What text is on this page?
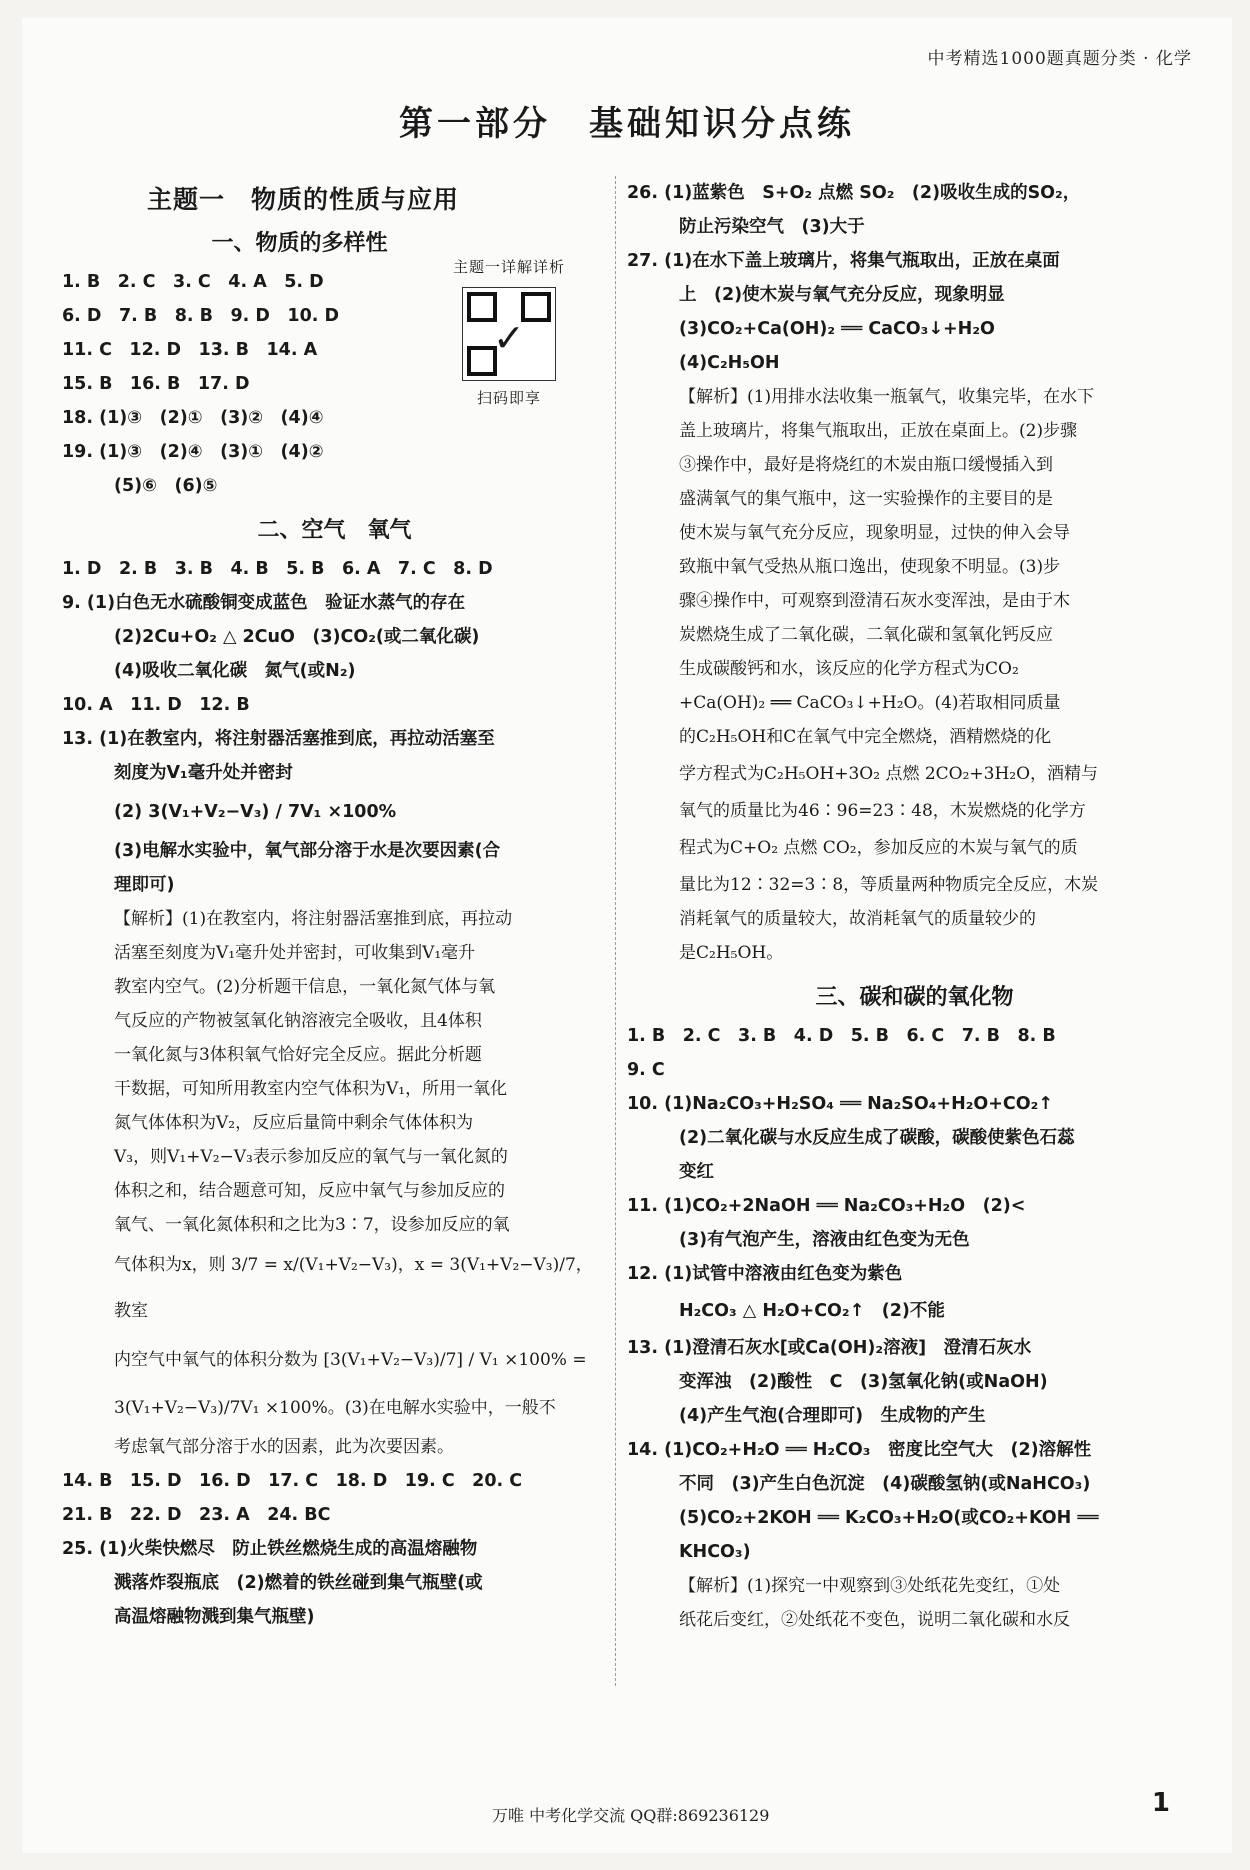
中考精选1000题真题分类 · 化学
第一部分　基础知识分点练
主题一　物质的性质与应用
一、物质的多样性
主题一详解详析
✓
扫码即享
1. B　2. C　3. C　4. A　5. D
6. D　7. B　8. B　9. D　10. D
11. C　12. D　13. B　14. A
15. B　16. B　17. D
18. (1)③　(2)①　(3)②　(4)④
19. (1)③　(2)④　(3)①　(4)②
(5)⑥　(6)⑤
二、空气　氧气
1. D　2. B　3. B　4. B　5. B　6. A　7. C　8. D
9. (1)白色无水硫酸铜变成蓝色　验证水蒸气的存在
(2)2Cu+O₂ △ 2CuO　(3)CO₂(或二氧化碳)
(4)吸收二氧化碳　氮气(或N₂)
10. A　11. D　12. B
13. (1)在教室内，将注射器活塞推到底，再拉动活塞至
刻度为V₁毫升处并密封
(2) 3(V₁+V₂−V₃) / 7V₁ ×100%
(3)电解水实验中，氧气部分溶于水是次要因素(合
理即可)
【解析】(1)在教室内，将注射器活塞推到底，再拉动
活塞至刻度为V₁毫升处并密封，可收集到V₁毫升
教室内空气。(2)分析题干信息，一氧化氮气体与氧
气反应的产物被氢氧化钠溶液完全吸收，且4体积
一氧化氮与3体积氧气恰好完全反应。据此分析题
干数据，可知所用教室内空气体积为V₁，所用一氧化
氮气体体积为V₂，反应后量筒中剩余气体体积为
V₃，则V₁+V₂−V₃表示参加反应的氧气与一氧化氮的
体积之和，结合题意可知，反应中氧气与参加反应的
氧气、一氧化氮体积和之比为3∶7，设参加反应的氧
气体积为x，则 3/7 = x/(V₁+V₂−V₃)，x = 3(V₁+V₂−V₃)/7，教室
内空气中氧气的体积分数为 [3(V₁+V₂−V₃)/7] / V₁ ×100% =
3(V₁+V₂−V₃)/7V₁ ×100%。(3)在电解水实验中，一般不
考虑氧气部分溶于水的因素，此为次要因素。
14. B　15. D　16. D　17. C　18. D　19. C　20. C
21. B　22. D　23. A　24. BC
25. (1)火柴快燃尽　防止铁丝燃烧生成的高温熔融物
溅落炸裂瓶底　(2)燃着的铁丝碰到集气瓶壁(或
高温熔融物溅到集气瓶壁)
26. (1)蓝紫色　S+O₂ 点燃 SO₂　(2)吸收生成的SO₂，
防止污染空气　(3)大于
27. (1)在水下盖上玻璃片，将集气瓶取出，正放在桌面
上　(2)使木炭与氧气充分反应，现象明显
(3)CO₂+Ca(OH)₂ ══ CaCO₃↓+H₂O
(4)C₂H₅OH
【解析】(1)用排水法收集一瓶氧气，收集完毕，在水下
盖上玻璃片，将集气瓶取出，正放在桌面上。(2)步骤
③操作中，最好是将烧红的木炭由瓶口缓慢插入到
盛满氧气的集气瓶中，这一实验操作的主要目的是
使木炭与氧气充分反应，现象明显，过快的伸入会导
致瓶中氧气受热从瓶口逸出，使现象不明显。(3)步
骤④操作中，可观察到澄清石灰水变浑浊，是由于木
炭燃烧生成了二氧化碳，二氧化碳和氢氧化钙反应
生成碳酸钙和水，该反应的化学方程式为CO₂
+Ca(OH)₂ ══ CaCO₃↓+H₂O。(4)若取相同质量
的C₂H₅OH和C在氧气中完全燃烧，酒精燃烧的化
学方程式为C₂H₅OH+3O₂ 点燃 2CO₂+3H₂O，酒精与
氧气的质量比为46∶96=23∶48，木炭燃烧的化学方
程式为C+O₂ 点燃 CO₂，参加反应的木炭与氧气的质
量比为12∶32=3∶8，等质量两种物质完全反应，木炭
消耗氧气的质量较大，故消耗氧气的质量较少的
是C₂H₅OH。
三、碳和碳的氧化物
1. B　2. C　3. B　4. D　5. B　6. C　7. B　8. B
9. C
10. (1)Na₂CO₃+H₂SO₄ ══ Na₂SO₄+H₂O+CO₂↑
(2)二氧化碳与水反应生成了碳酸，碳酸使紫色石蕊
变红
11. (1)CO₂+2NaOH ══ Na₂CO₃+H₂O　(2)<
(3)有气泡产生，溶液由红色变为无色
12. (1)试管中溶液由红色变为紫色
H₂CO₃ △ H₂O+CO₂↑　(2)不能
13. (1)澄清石灰水[或Ca(OH)₂溶液]　澄清石灰水
变浑浊　(2)酸性　C　(3)氢氧化钠(或NaOH)
(4)产生气泡(合理即可)　生成物的产生
14. (1)CO₂+H₂O ══ H₂CO₃　密度比空气大　(2)溶解性
不同　(3)产生白色沉淀　(4)碳酸氢钠(或NaHCO₃)
(5)CO₂+2KOH ══ K₂CO₃+H₂O(或CO₂+KOH ══
KHCO₃)
【解析】(1)探究一中观察到③处纸花先变红，①处
纸花后变红，②处纸花不变色，说明二氧化碳和水反
万唯 中考化学交流 QQ群:869236129	1
